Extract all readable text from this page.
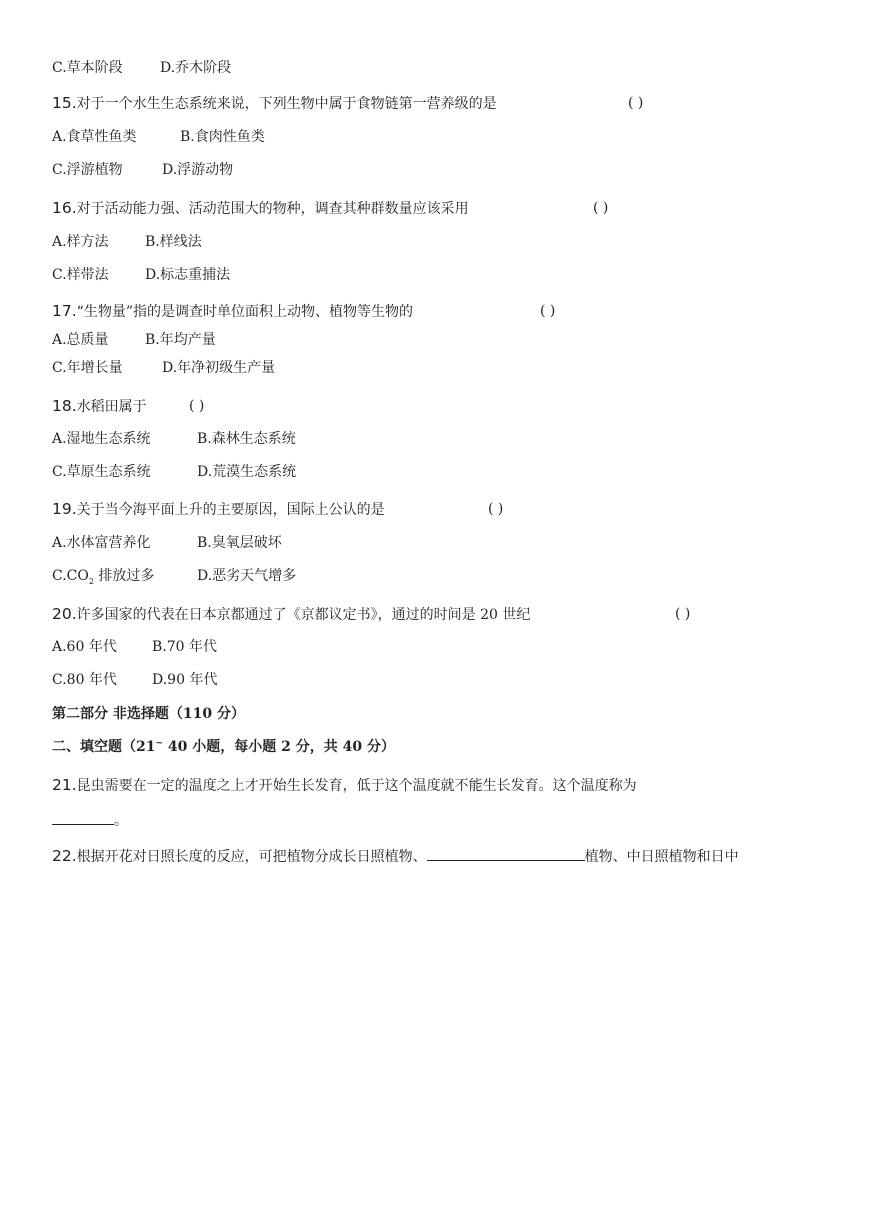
C.草本阶段	D.乔木阶段
15.对于一个水生生态系统来说，下列生物中属于食物链第一营养级的是	( )
A.食草性鱼类	B.食肉性鱼类
C.浮游植物	D.浮游动物
16.对于活动能力强、活动范围大的物种，调查其种群数量应该采用	( )
A.样方法	B.样线法
C.样带法	D.标志重捕法
17.“生物量”指的是调查时单位面积上动物、植物等生物的	( )
A.总质量	B.年均产量
C.年增长量	D.年净初级生产量
18.水稻田属于	( )
A.湿地生态系统	B.森林生态系统
C.草原生态系统	D.荒漠生态系统
19.关于当今海平面上升的主要原因，国际上公认的是	( )
A.水体富营养化	B.臭氧层破坏
$C.CO_2$ 排放过多	D.恶劣天气增多
20.许多国家的代表在日本京都通过了《京都议定书》，通过的时间是 20 世纪	( )
A.60 年代	B.70 年代
C.80 年代	D.90 年代
第二部分 非选择题（110 分）
二、填空题（21~ 40 小题，每小题 2 分，共 40 分）
21.昆虫需要在一定的温度之上才开始生长发育，低于这个温度就不能生长发育。这个温度称为
。
22.根据开花对日照长度的反应，可把植物分成长日照植物、	植物、中日照植物和日中
